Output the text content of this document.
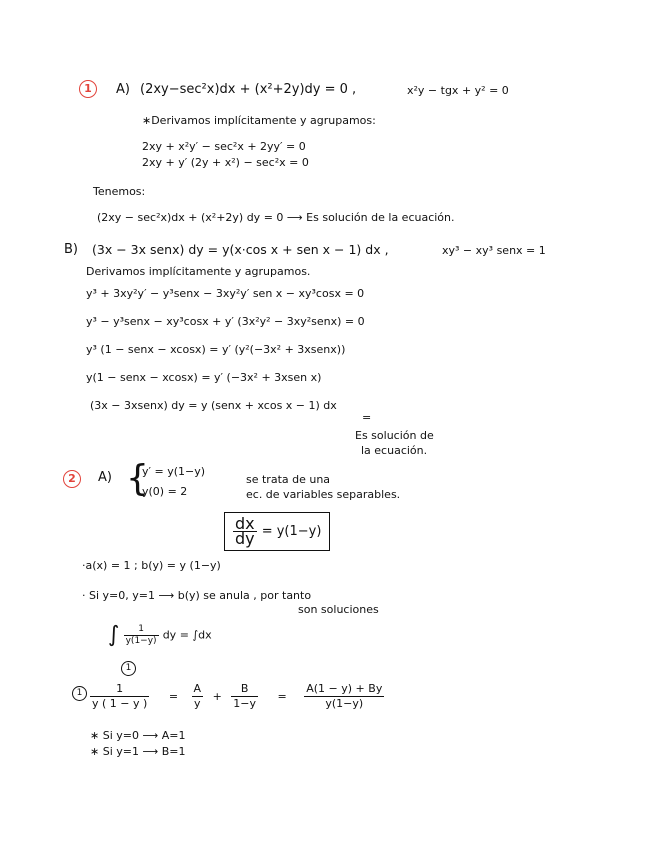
1	A) (2xy−sec²x)dx + (x²+2y)dy = 0 ,	x²y − tgx + y² = 0
∗Derivamos implícitamente y agrupamos:
2xy + x²y′ − sec²x + 2yy′ = 0
2xy + y′ (2y + x²) − sec²x = 0
Tenemos:
(2xy − sec²x)dx + (x²+2y) dy = 0 ⟶ Es solución de la ecuación.
B) (3x − 3x senx) dy = y(x·cos x + sen x − 1) dx ,	xy³ − xy³ senx = 1
Derivamos implícitamente y agrupamos.
y³ + 3xy²y′ − y³senx − 3xy²y′ sen x − xy³cosx = 0
y³ − y³senx − xy³cosx + y′ (3x²y² − 3xy²senx) = 0
y³ (1 − senx − xcosx) = y′ (y²(−3x² + 3xsenx))
y(1 − senx − xcosx) = y′ (−3x² + 3xsen x)
(3x − 3xsenx) dy = y (senx + xcos x − 1) dx
=
Es solución de
la ecuación.
2	A) {
y′ = y(1−y)
y(0) = 2
se trata de una
ec. de variables separables.
$\frac{dx}{dy} = y(1-y)$
·a(x) = 1 ; b(y) = y (1−y)
· Si y=0, y=1 ⟶ b(y) se anula , por tanto
son soluciones
∫ $\frac{1}{y(1-y)}$ dy = ∫dx
1
$1 \frac{1}{y ( 1 - y )} = \frac{A}{y} + \frac{B}{1-y} = \frac{A(1 - y) + By}{y(1-y)}$
∗ Si y=0 ⟶ A=1
∗ Si y=1 ⟶ B=1
